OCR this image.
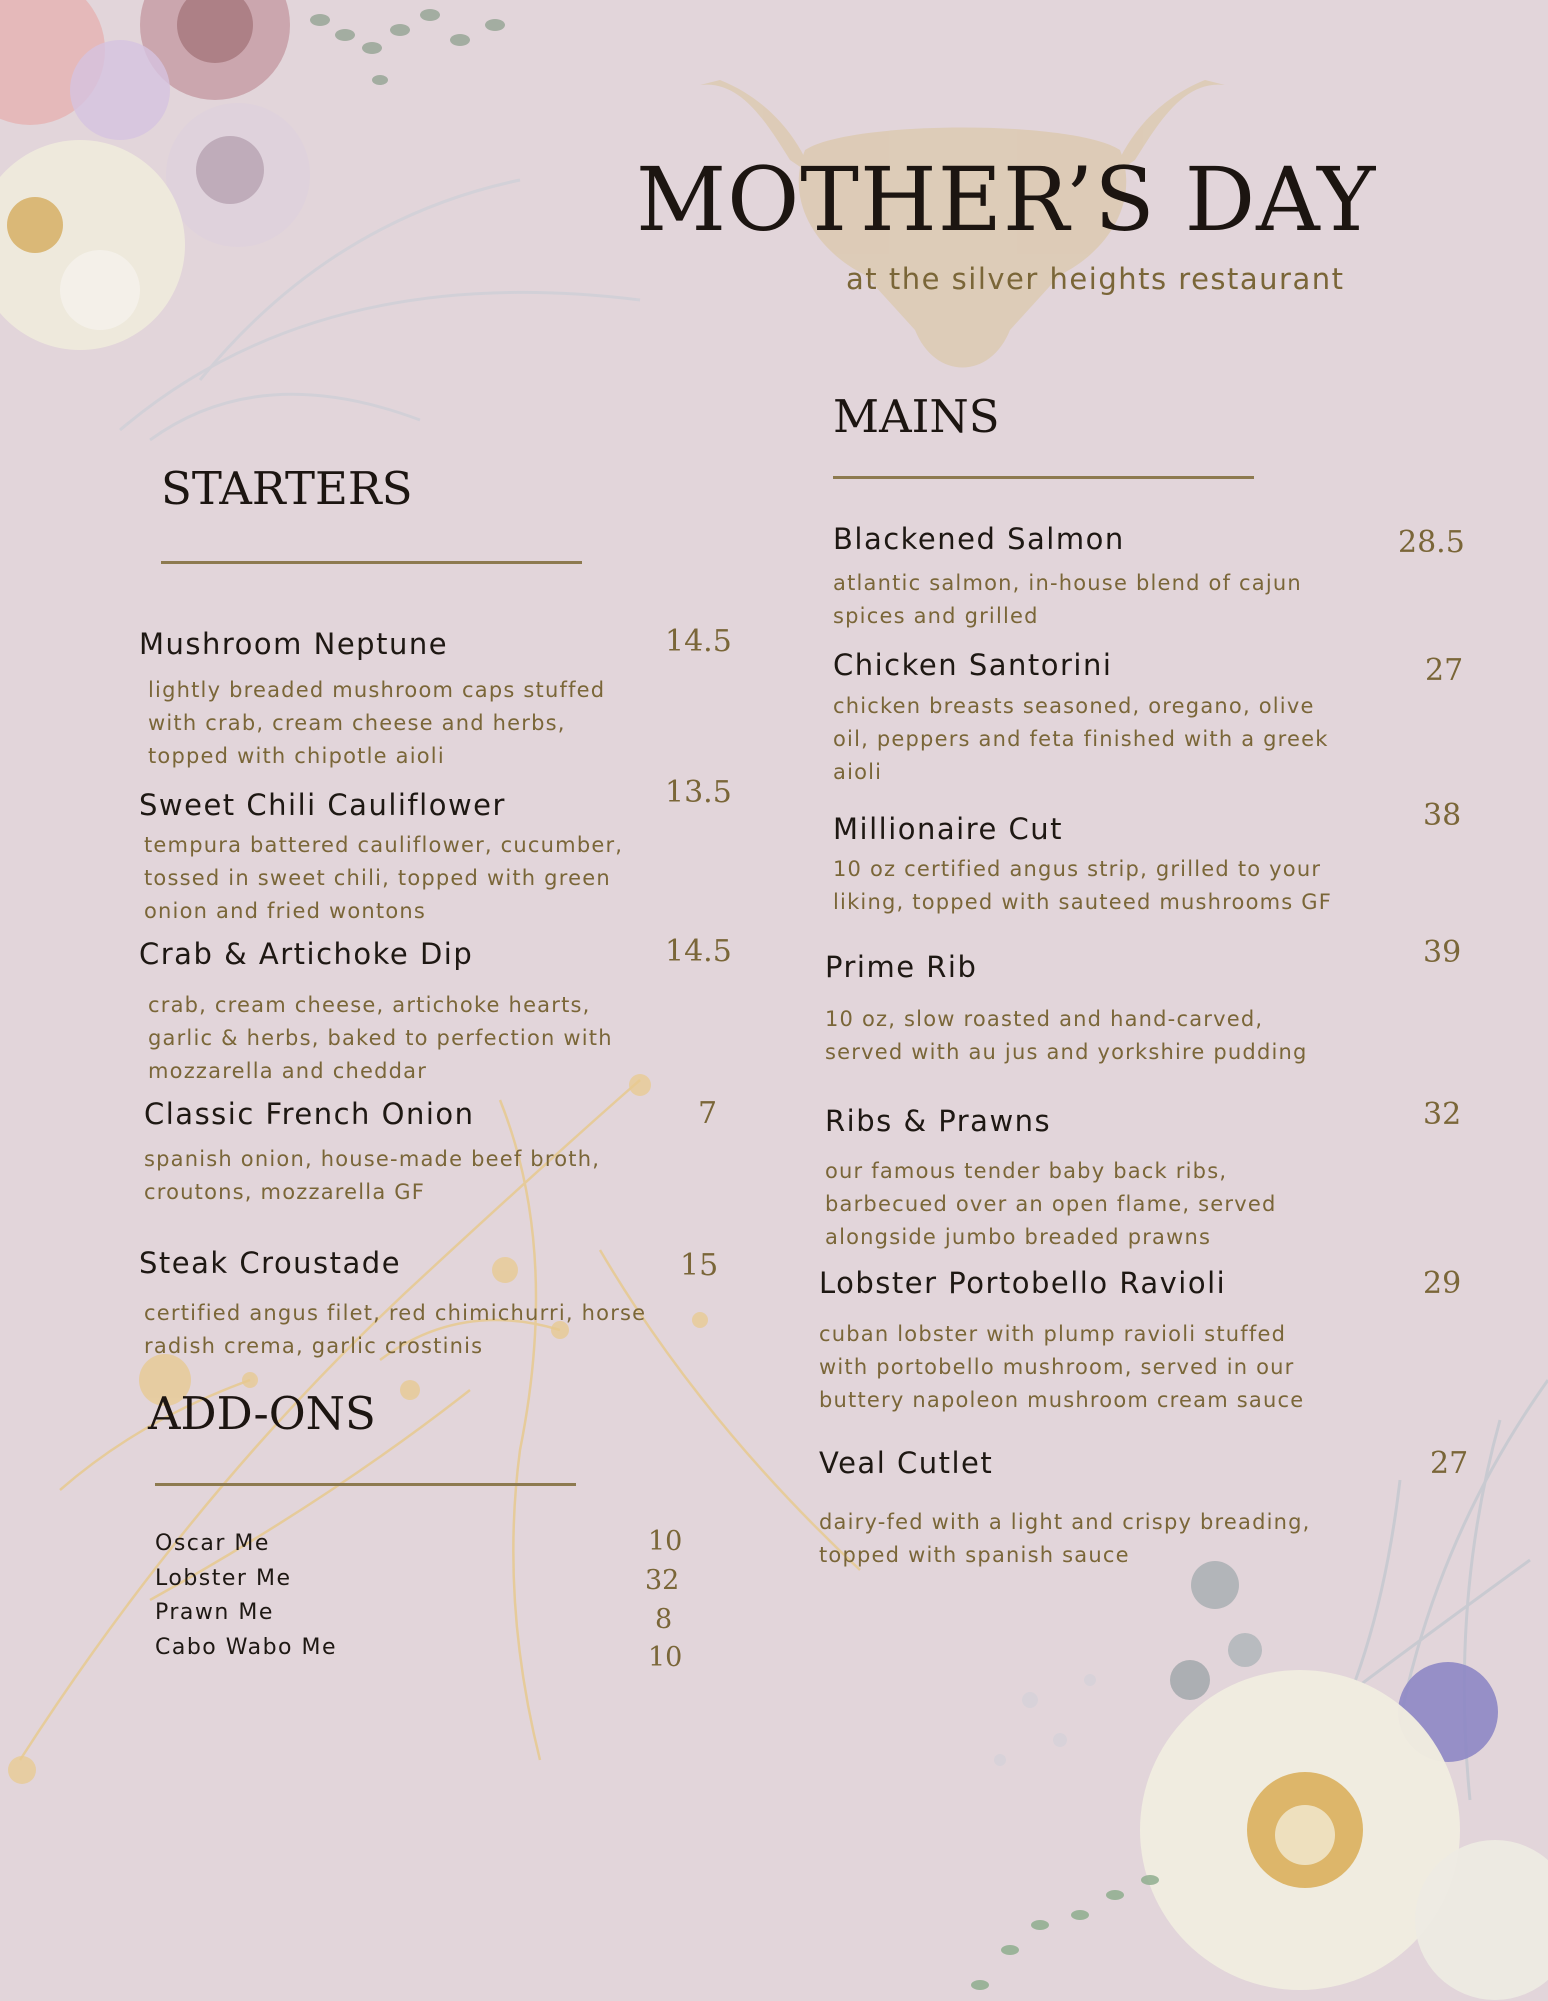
MOTHER’S DAY
at the silver heights restaurant
STARTERS
Mushroom Neptune	14.5
lightly breaded mushroom caps stuffed with crab, cream cheese and herbs, topped with chipotle aioli
Sweet Chili Cauliflower	13.5
tempura battered cauliflower, cucumber, tossed in sweet chili, topped with green onion and fried wontons
Crab & Artichoke Dip	14.5
crab, cream cheese, artichoke hearts, garlic & herbs, baked to perfection with mozzarella and cheddar
Classic French Onion	7
spanish onion, house-made beef broth, croutons, mozzarella GF
Steak Croustade	15
certified angus filet, red chimichurri, horse radish crema, garlic crostinis
ADD-ONS
Oscar Me	10
Lobster Me	32
Prawn Me	8
Cabo Wabo Me	10
MAINS
Blackened Salmon	28.5
atlantic salmon, in-house blend of cajun spices and grilled
Chicken Santorini	27
chicken breasts seasoned, oregano, olive oil, peppers and feta finished with a greek aioli
Millionaire Cut	38
10 oz certified angus strip, grilled to your liking, topped with sauteed mushrooms GF
Prime Rib	39
10 oz, slow roasted and hand-carved, served with au jus and yorkshire pudding
Ribs & Prawns	32
our famous tender baby back ribs, barbecued over an open flame, served alongside jumbo breaded prawns
Lobster Portobello Ravioli	29
cuban lobster with plump ravioli stuffed with portobello mushroom, served in our buttery napoleon mushroom cream sauce
Veal Cutlet	27
dairy-fed with a light and crispy breading, topped with spanish sauce
